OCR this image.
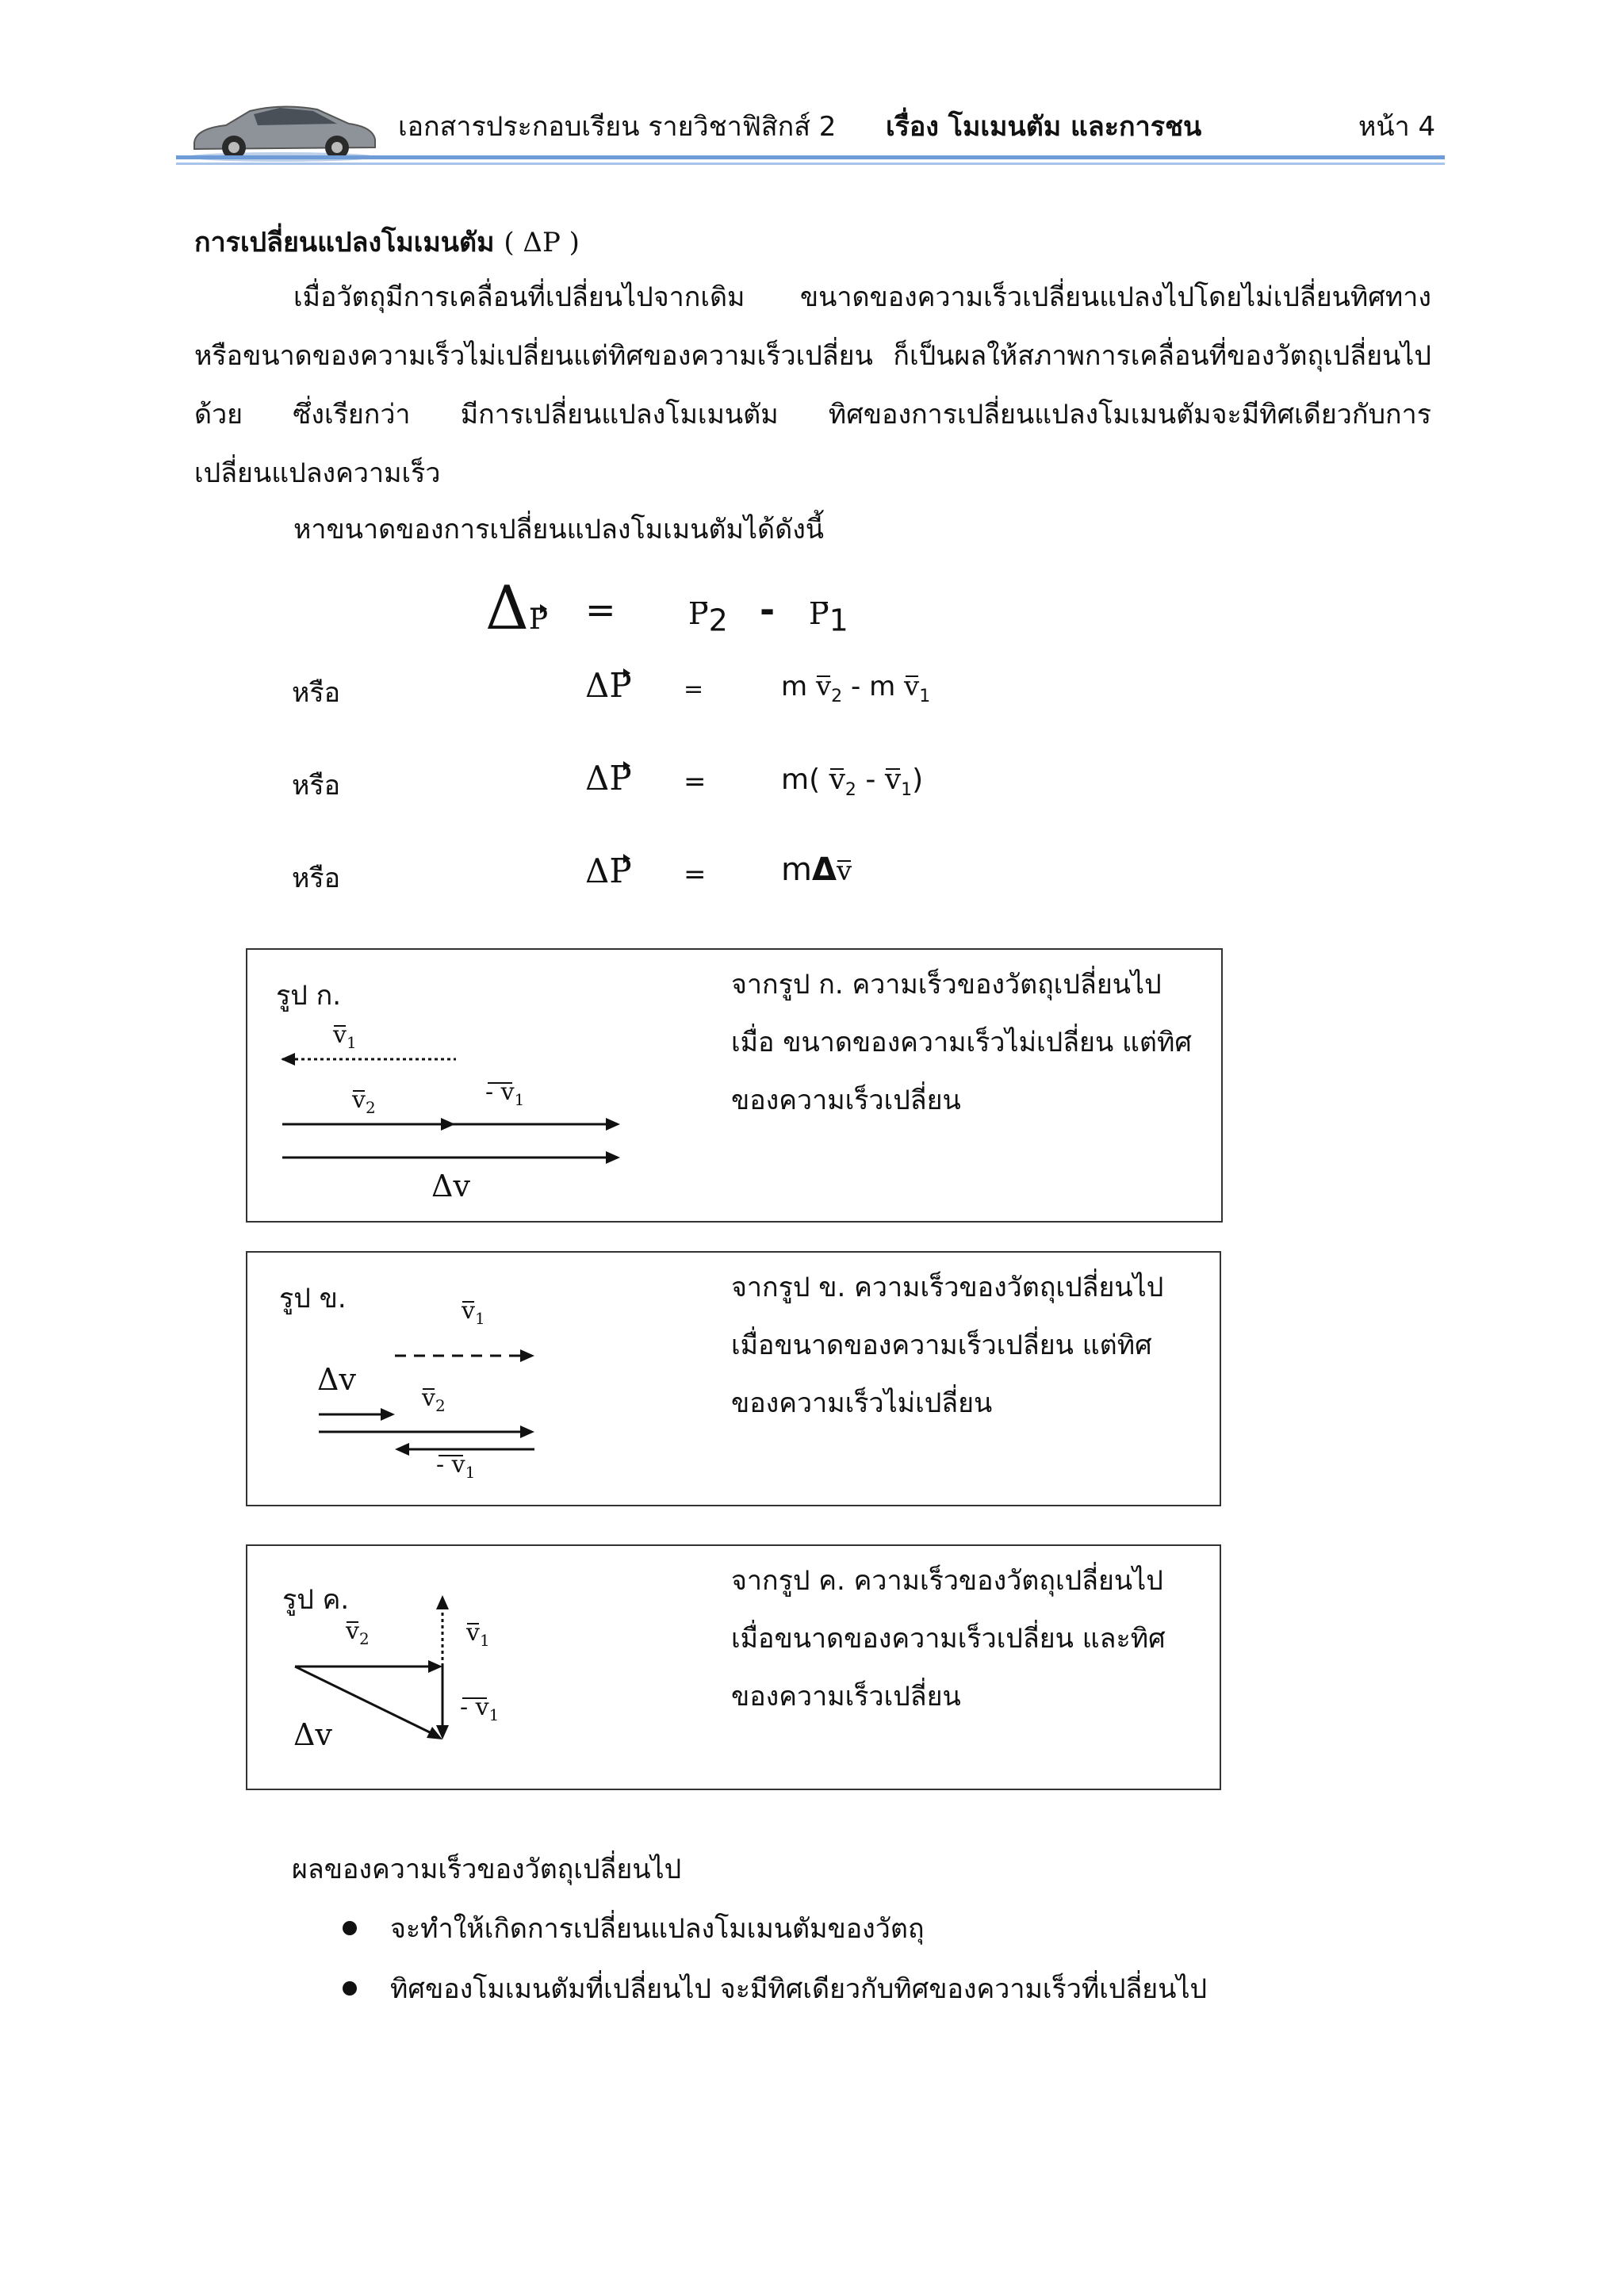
เอกสารประกอบเรียน รายวิชาฟิสิกส์ 2 เรื่อง โมเมนตัม และการชน	หน้า 4
การเปลี่ยนแปลงโมเมนตัม ( ΔP )
เมื่อวัตถุมีการเคลื่อนที่เปลี่ยนไปจากเดิม ขนาดของความเร็วเปลี่ยนแปลงไปโดยไม่เปลี่ยนทิศทาง หรือขนาดของความเร็วไม่เปลี่ยนแต่ทิศของความเร็วเปลี่ยน ก็เป็นผลให้สภาพการเคลื่อนที่ของวัตถุเปลี่ยนไปด้วย ซึ่งเรียกว่า มีการเปลี่ยนแปลงโมเมนตัม ทิศของการเปลี่ยนแปลงโมเมนตัมจะมีทิศเดียวกับการเปลี่ยนแปลงความเร็ว
หาขนาดของการเปลี่ยนแปลงโมเมนตัมได้ดังนี้
$\Delta P = P_2 - P_1$
หรือ	ΔP =	m $v_2$ - m $v_1$
หรือ	ΔP =	m( $v_2 - v_1$)
หรือ	ΔP = mΔv
รูป ก.
$v_1$
$v_2$
- $v_1$
Δv
จากรูป ก. ความเร็วของวัตถุเปลี่ยนไป
เมื่อ ขนาดของความเร็วไม่เปลี่ยน แต่ทิศ
ของความเร็วเปลี่ยน
รูป ข.	$v_1$
Δv
$v_2$
- $v_1$
จากรูป ข. ความเร็วของวัตถุเปลี่ยนไป
เมื่อขนาดของความเร็วเปลี่ยน แต่ทิศ
ของความเร็วไม่เปลี่ยน
รูป ค.
$v_2$	$v_1$
- $v_1$
Δv
จากรูป ค. ความเร็วของวัตถุเปลี่ยนไป
เมื่อขนาดของความเร็วเปลี่ยน และทิศ
ของความเร็วเปลี่ยน
ผลของความเร็วของวัตถุเปลี่ยนไป
จะทำให้เกิดการเปลี่ยนแปลงโมเมนตัมของวัตถุ
ทิศของโมเมนตัมที่เปลี่ยนไป จะมีทิศเดียวกับทิศของความเร็วที่เปลี่ยนไป
